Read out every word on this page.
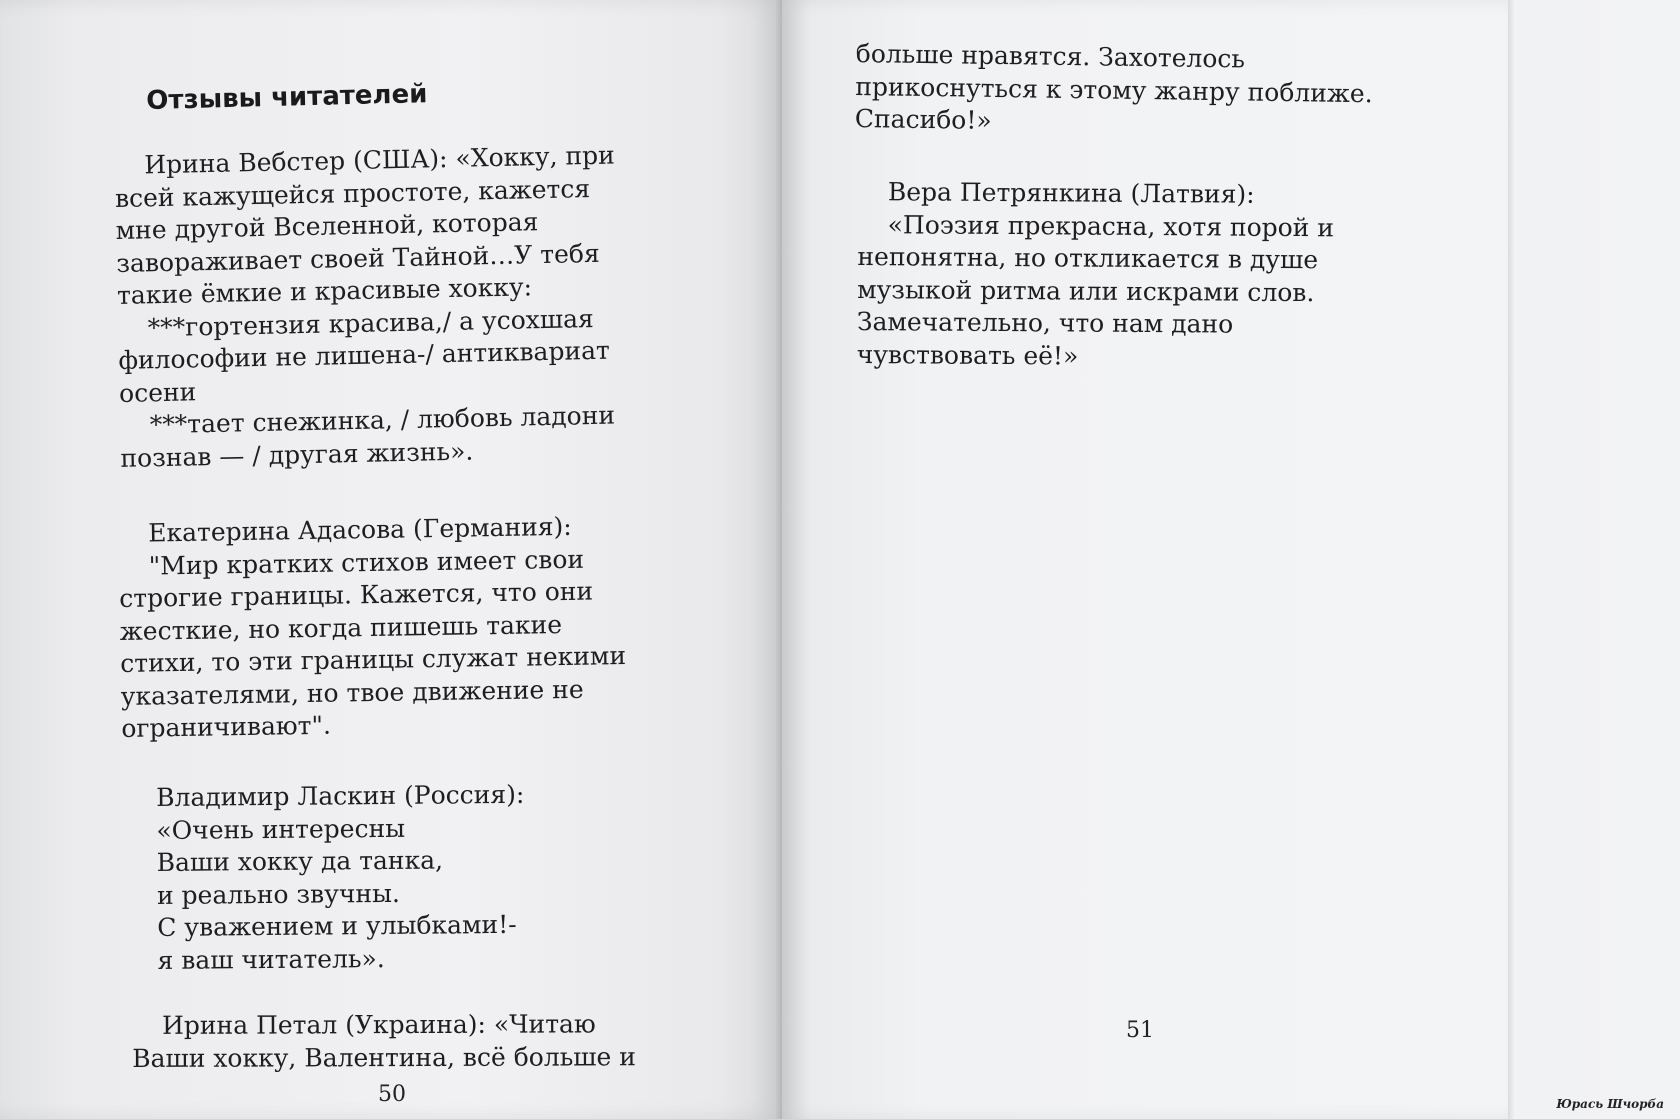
Отзывы читателей
Ирина Вебстер (США): «Хокку, при
всей кажущейся простоте, кажется
мне другой Вселенной, которая
завораживает своей Тайной…У тебя
такие ёмкие и красивые хокку:
***гортензия красива,/ а усохшая
философии не лишена-/ антиквариат
осени
***тает снежинка, / любовь ладони
познав — / другая жизнь».
Екатерина Адасова (Германия):
"Мир кратких стихов имеет свои
строгие границы. Кажется, что они
жесткие, но когда пишешь такие
стихи, то эти границы служат некими
указателями, но твое движение не
ограничивают".
Владимир Ласкин (Россия):
«Очень интересны
Ваши хокку да танка,
и реально звучны.
С уважением и улыбками!-
я ваш читатель».
Ирина Петал (Украина): «Читаю
Ваши хокку, Валентина, всё больше и
50
больше нравятся. Захотелось
прикоснуться к этому жанру поближе.
Спасибо!»
Вера Петрянкина (Латвия):
«Поэзия прекрасна, хотя порой и
непонятна, но откликается в душе
музыкой ритма или искрами слов.
Замечательно, что нам дано
чувствовать её!»
51
Юрась Шчорба
